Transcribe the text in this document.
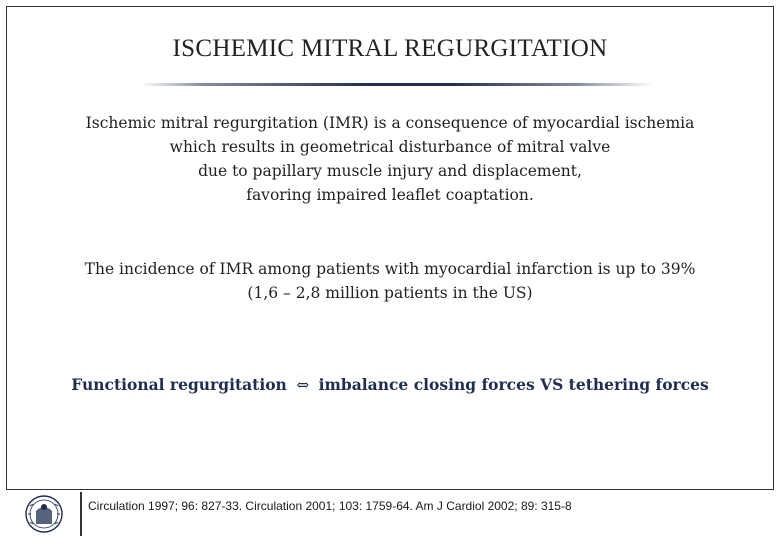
ISCHEMIC MITRAL REGURGITATION
Ischemic mitral regurgitation (IMR) is a consequence of myocardial ischemia
which results in geometrical disturbance of mitral valve
due to papillary muscle injury and displacement,
favoring impaired leaflet coaptation.
The incidence of IMR among patients with myocardial infarction is up to 39%
(1,6 – 2,8 million patients in the US)
Functional regurgitation ⇔ imbalance closing forces VS tethering forces
Circulation 1997; 96: 827-33. Circulation 2001; 103: 1759-64. Am J Cardiol 2002; 89: 315-8
